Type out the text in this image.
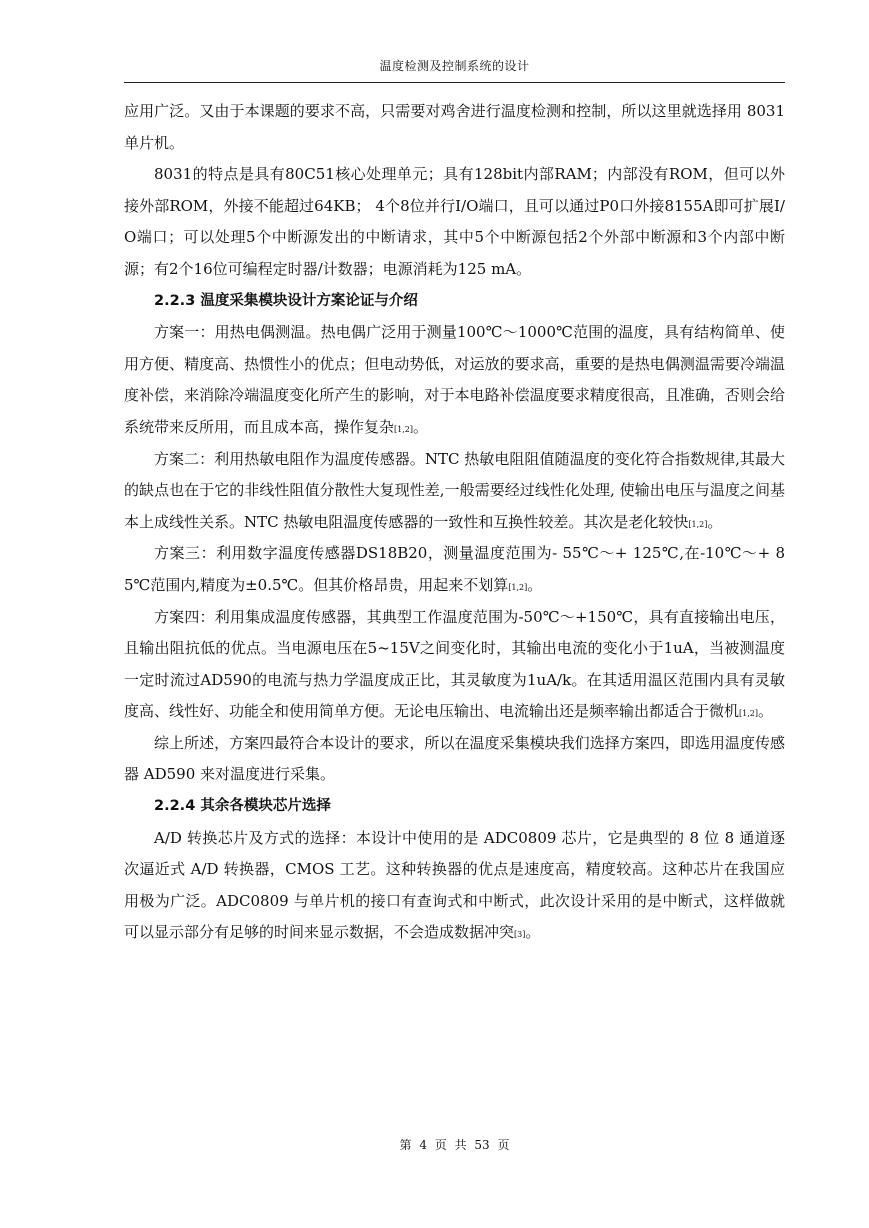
温度检测及控制系统的设计

应用广泛。又由于本课题的要求不高，只需要对鸡舍进行温度检测和控制，所以这里就选择用 8031 单片机。

8031的特点是具有80C51核心处理单元；具有128bit内部RAM；内部没有ROM，但可以外接外部ROM，外接不能超过64KB； 4个8位并行I/O端口，且可以通过P0口外接8155A即可扩展I/O端口；可以处理5个中断源发出的中断请求，其中5个中断源包括2个外部中断源和3个内部中断源；有2个16位可编程定时器/计数器；电源消耗为125 mA。

2.2.3 温度采集模块设计方案论证与介绍

方案一：用热电偶测温。热电偶广泛用于测量100℃～1000℃范围的温度，具有结构简单、使用方便、精度高、热惯性小的优点；但电动势低，对运放的要求高，重要的是热电偶测温需要冷端温度补偿，来消除冷端温度变化所产生的影响，对于本电路补偿温度要求精度很高，且准确，否则会给系统带来反所用，而且成本高，操作复杂[1,2]。

方案二：利用热敏电阻作为温度传感器。NTC 热敏电阻阻值随温度的变化符合指数规律,其最大的缺点也在于它的非线性阻值分散性大复现性差,一般需要经过线性化处理, 使输出电压与温度之间基本上成线性关系。NTC 热敏电阻温度传感器的一致性和互换性较差。其次是老化较快[1,2]。

方案三：利用数字温度传感器DS18B20，测量温度范围为- 55℃～+ 125℃,在-10℃～+ 85℃范围内,精度为±0.5℃。但其价格昂贵，用起来不划算[1,2]。

方案四：利用集成温度传感器，其典型工作温度范围为-50℃～+150℃，具有直接输出电压，且输出阻抗低的优点。当电源电压在5~15V之间变化时，其输出电流的变化小于1uA，当被测温度一定时流过AD590的电流与热力学温度成正比，其灵敏度为1uA/k。在其适用温区范围内具有灵敏度高、线性好、功能全和使用简单方便。无论电压输出、电流输出还是频率输出都适合于微机[1,2]。

综上所述，方案四最符合本设计的要求，所以在温度采集模块我们选择方案四，即选用温度传感器 AD590 来对温度进行采集。

2.2.4 其余各模块芯片选择

A/D 转换芯片及方式的选择：本设计中使用的是 ADC0809 芯片，它是典型的 8 位 8 通道逐次逼近式 A/D 转换器，CMOS 工艺。这种转换器的优点是速度高，精度较高。这种芯片在我国应用极为广泛。ADC0809 与单片机的接口有查询式和中断式，此次设计采用的是中断式，这样做就可以显示部分有足够的时间来显示数据，不会造成数据冲突[3]。

第 4 页 共 53 页
